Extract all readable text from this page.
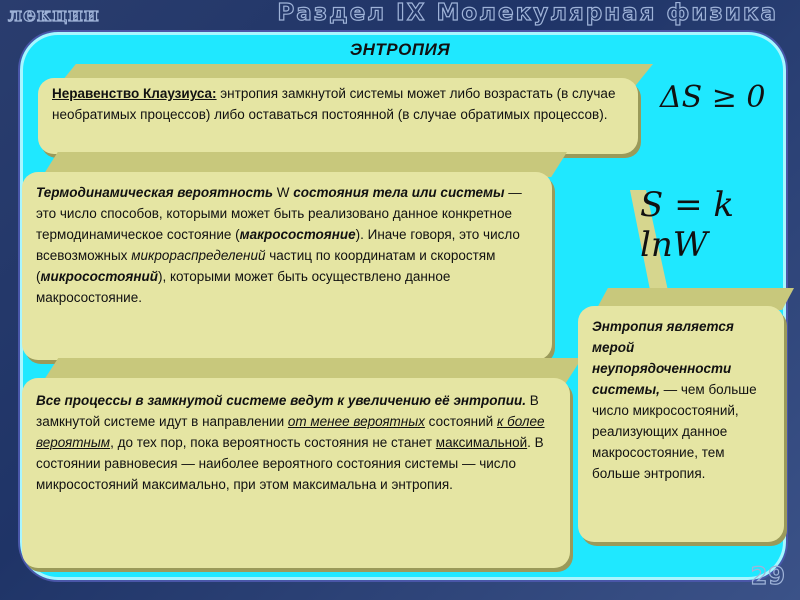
лекции	Раздел IX Молекулярная физика
ЭНТРОПИЯ
Неравенство Клаузиуса: энтропия замкнутой системы может либо возрастать (в случае необратимых процессов) либо оставаться постоянной (в случае обратимых процессов).	ΔS ≥ 0
S = k lnW
Термодинамическая вероятность W состояния тела или системы — это число способов, которыми может быть реализовано данное конкретное термодинамическое состояние (макросостояние). Иначе говоря, это число всевозможных микрораспределений частиц по координатам и скоростям (микросостояний), которыми может быть осуществлено данное макросостояние.
Все процессы в замкнутой системе ведут к увеличению её энтропии. В замкнутой системе идут в направлении от менее вероятных состояний к более вероятным, до тех пор, пока вероятность состояния не станет максимальной. В состоянии равновесия — наиболее вероятного состояния системы — число микросостояний максимально, при этом максимальна и энтропия.
Энтропия является мерой неупорядоченности системы, — чем больше число микросостояний, реализующих данное макросостояние, тем больше энтропия.
29
